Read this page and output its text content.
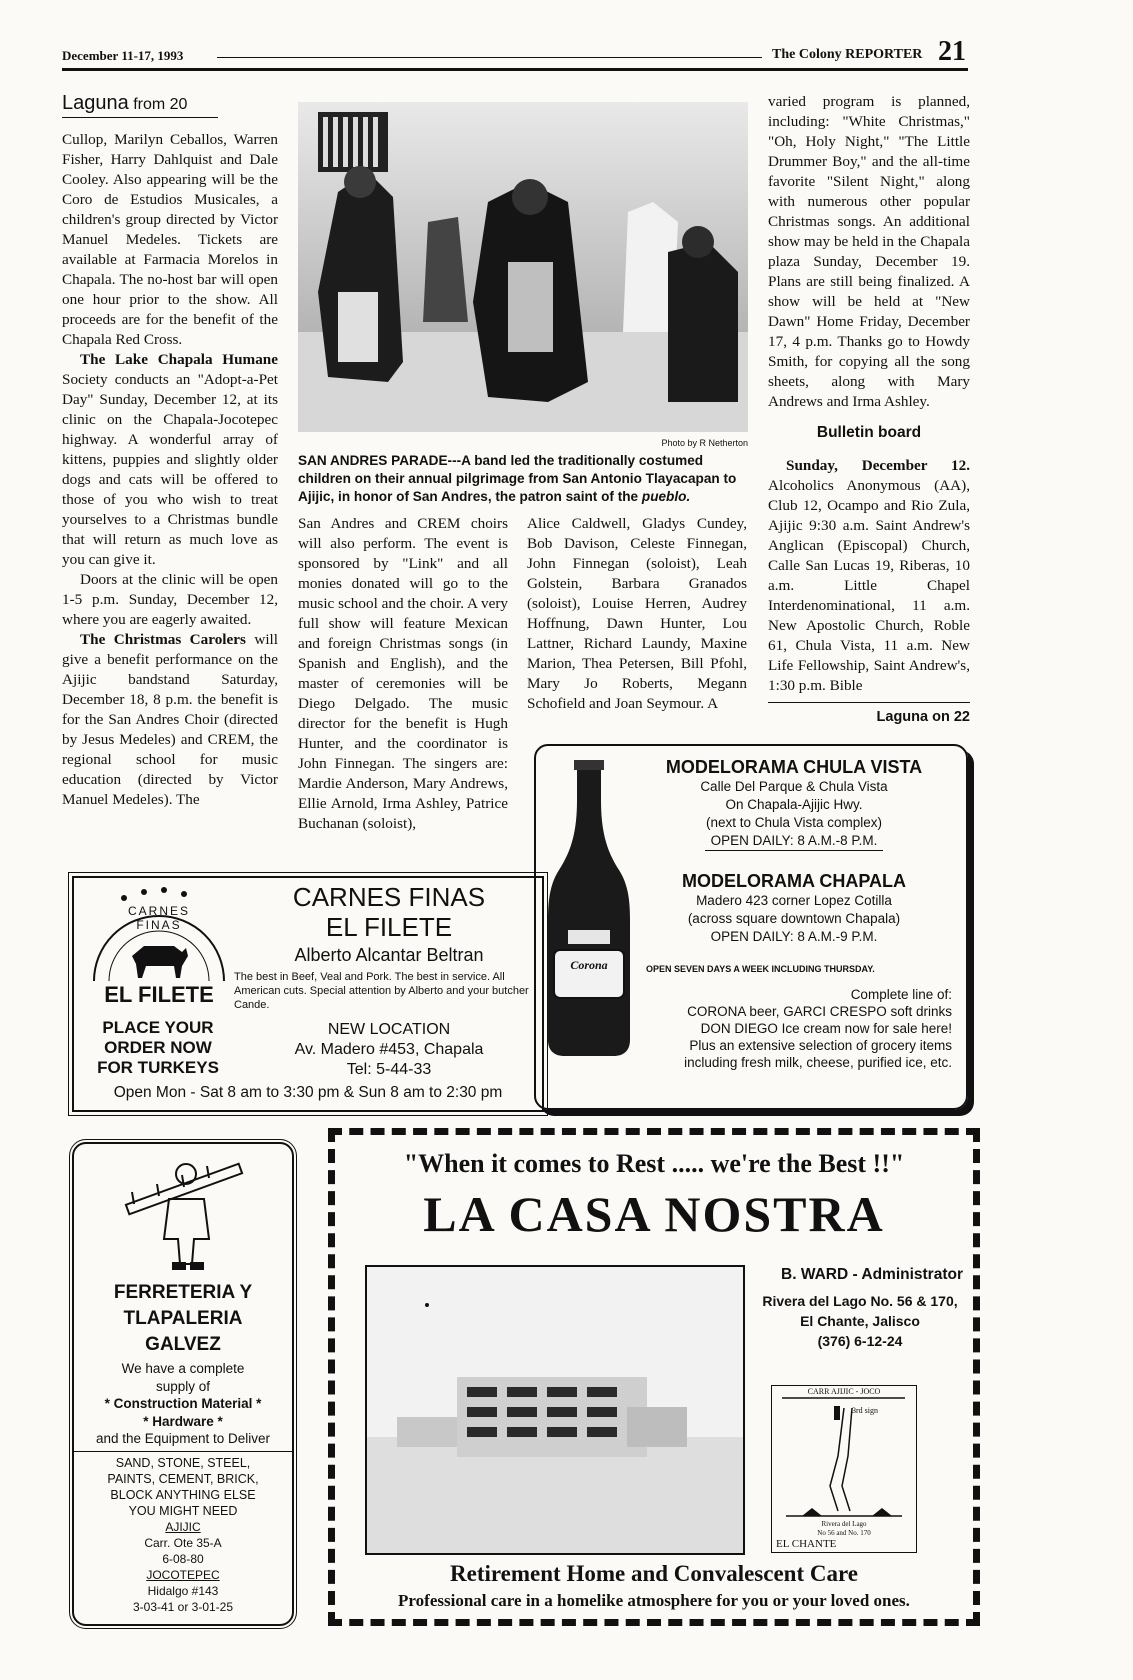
December 11-17, 1993	The Colony REPORTER 21
Laguna from 20

Cullop, Marilyn Ceballos, Warren Fisher, Harry Dahlquist and Dale Cooley. Also appearing will be the Coro de Estudios Musicales, a children's group directed by Victor Manuel Medeles. Tickets are available at Farmacia Morelos in Chapala. The no-host bar will open one hour prior to the show. All proceeds are for the benefit of the Chapala Red Cross.

The Lake Chapala Humane Society conducts an "Adopt-a-Pet Day" Sunday, December 12, at its clinic on the Chapala-Jocotepec highway. A wonderful array of kittens, puppies and slightly older dogs and cats will be offered to those of you who wish to treat yourselves to a Christmas bundle that will return as much love as you can give it.

Doors at the clinic will be open 1-5 p.m. Sunday, December 12, where you are eagerly awaited.

The Christmas Carolers will give a benefit performance on the Ajijic bandstand Saturday, December 18, 8 p.m. the benefit is for the San Andres Choir (directed by Jesus Medeles) and CREM, the regional school for music education (directed by Victor Manuel Medeles). The

Photo by R Netherton
SAN ANDRES PARADE---A band led the traditionally costumed children on their annual pilgrimage from San Antonio Tlayacapan to Ajijic, in honor of San Andres, the patron saint of the pueblo.

San Andres and CREM choirs will also perform. The event is sponsored by "Link" and all monies donated will go to the music school and the choir. A very full show will feature Mexican and foreign Christmas songs (in Spanish and English), and the master of ceremonies will be Diego Delgado. The music director for the benefit is Hugh Hunter, and the coordinator is John Finnegan. The singers are: Mardie Anderson, Mary Andrews, Ellie Arnold, Irma Ashley, Patrice Buchanan (soloist),

Alice Caldwell, Gladys Cundey, Bob Davison, Celeste Finnegan, John Finnegan (soloist), Leah Golstein, Barbara Granados (soloist), Louise Herren, Audrey Hoffnung, Dawn Hunter, Lou Lattner, Richard Laundy, Maxine Marion, Thea Petersen, Bill Pfohl, Mary Jo Roberts, Megann Schofield and Joan Seymour. A

varied program is planned, including: "White Christmas," "Oh, Holy Night," "The Little Drummer Boy," and the all-time favorite "Silent Night," along with numerous other popular Christmas songs. An additional show may be held in the Chapala plaza Sunday, December 19. Plans are still being finalized. A show will be held at "New Dawn" Home Friday, December 17, 4 p.m. Thanks go to Howdy Smith, for copying all the song sheets, along with Mary Andrews and Irma Ashley.

Bulletin board

Sunday, December 12. Alcoholics Anonymous (AA), Club 12, Ocampo and Rio Zula, Ajijic 9:30 a.m. Saint Andrew's Anglican (Episcopal) Church, Calle San Lucas 19, Riberas, 10 a.m. Little Chapel Interdenominational, 11 a.m. New Apostolic Church, Roble 61, Chula Vista, 11 a.m. New Life Fellowship, Saint Andrew's, 1:30 p.m. Bible

Laguna on 22
Corona
MODELORAMA CHULA VISTA
Calle Del Parque & Chula Vista
On Chapala-Ajijic Hwy.
(next to Chula Vista complex)
OPEN DAILY: 8 A.M.-8 P.M.
MODELORAMA CHAPALA
Madero 423 corner Lopez Cotilla
(across square downtown Chapala)
OPEN DAILY: 8 A.M.-9 P.M.
OPEN SEVEN DAYS A WEEK INCLUDING THURSDAY.
Complete line of:
CORONA beer, GARCI CRESPO soft drinks
DON DIEGO Ice cream now for sale here!
Plus an extensive selection of grocery items
including fresh milk, cheese, purified ice, etc.
CARNES FINAS
EL FILETE
CARNES FINAS
EL FILETE
Alberto Alcantar Beltran
The best in Beef, Veal and Pork. The best in service. All American cuts. Special attention by Alberto and your butcher Cande.
PLACE YOUR
ORDER NOW
FOR TURKEYS
NEW LOCATION
Av. Madero #453, Chapala
Tel: 5-44-33
Open Mon - Sat 8 am to 3:30 pm & Sun 8 am to 2:30 pm
FERRETERIA Y
TLAPALERIA
GALVEZ
We have a complete
supply of
* Construction Material *
* Hardware *
and the Equipment to Deliver
SAND, STONE, STEEL,
PAINTS, CEMENT, BRICK,
BLOCK ANYTHING ELSE
YOU MIGHT NEED
AJIJIC
Carr. Ote 35-A
6-08-80
JOCOTEPEC
Hidalgo #143
3-03-41 or 3-01-25
"When it comes to Rest ..... we're the Best !!"
LA CASA NOSTRA
B. WARD - Administrator
Rivera del Lago No. 56 & 170,
El Chante, Jalisco
(376) 6-12-24
CARR AJIJIC - JOCO
3rd sign
Rivera del Lago
No 56 and No. 170
EL CHANTE
Retirement Home and Convalescent Care
Professional care in a homelike atmosphere for you or your loved ones.
